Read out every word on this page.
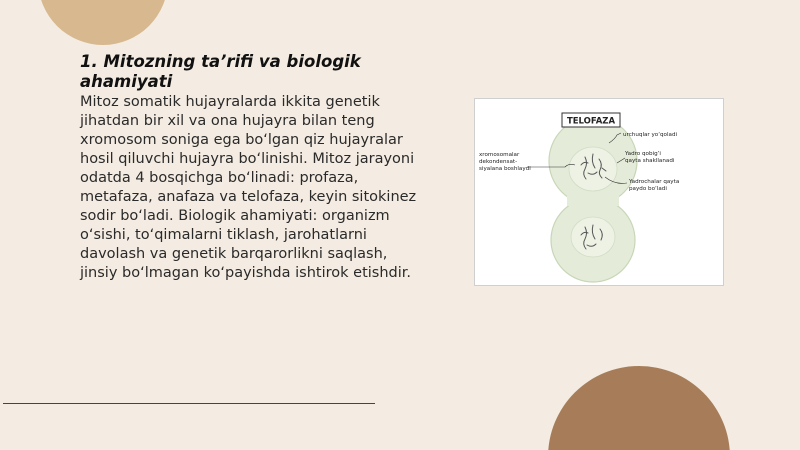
1. Mitozning ta’rifi va biologik ahamiyati

Mitoz somatik hujayralarda ikkita genetik jihatdan bir xil va ona hujayra bilan teng xromosom soniga ega bo‘lgan qiz hujayralar hosil qiluvchi hujayra bo‘linishi. Mitoz jarayoni odatda 4 bosqichga bo‘linadi: profaza, metafaza, anafaza va telofaza, keyin sitokinez sodir bo‘ladi. Biologik ahamiyati: organizm o‘sishi, to‘qimalarni tiklash, jarohatlarni davolash va genetik barqarorlikni saqlash, jinsiy bo‘lmagan ko‘payishda ishtirok etishdir.

TELOFAZA
urchuqlar yo‘qoladi
Yadro qobig’i
qayta shakllanadi
Yadrochalar qayta
paydo bo‘ladi
xromosomalar
dekondensat-
siyalana boshlaydi
